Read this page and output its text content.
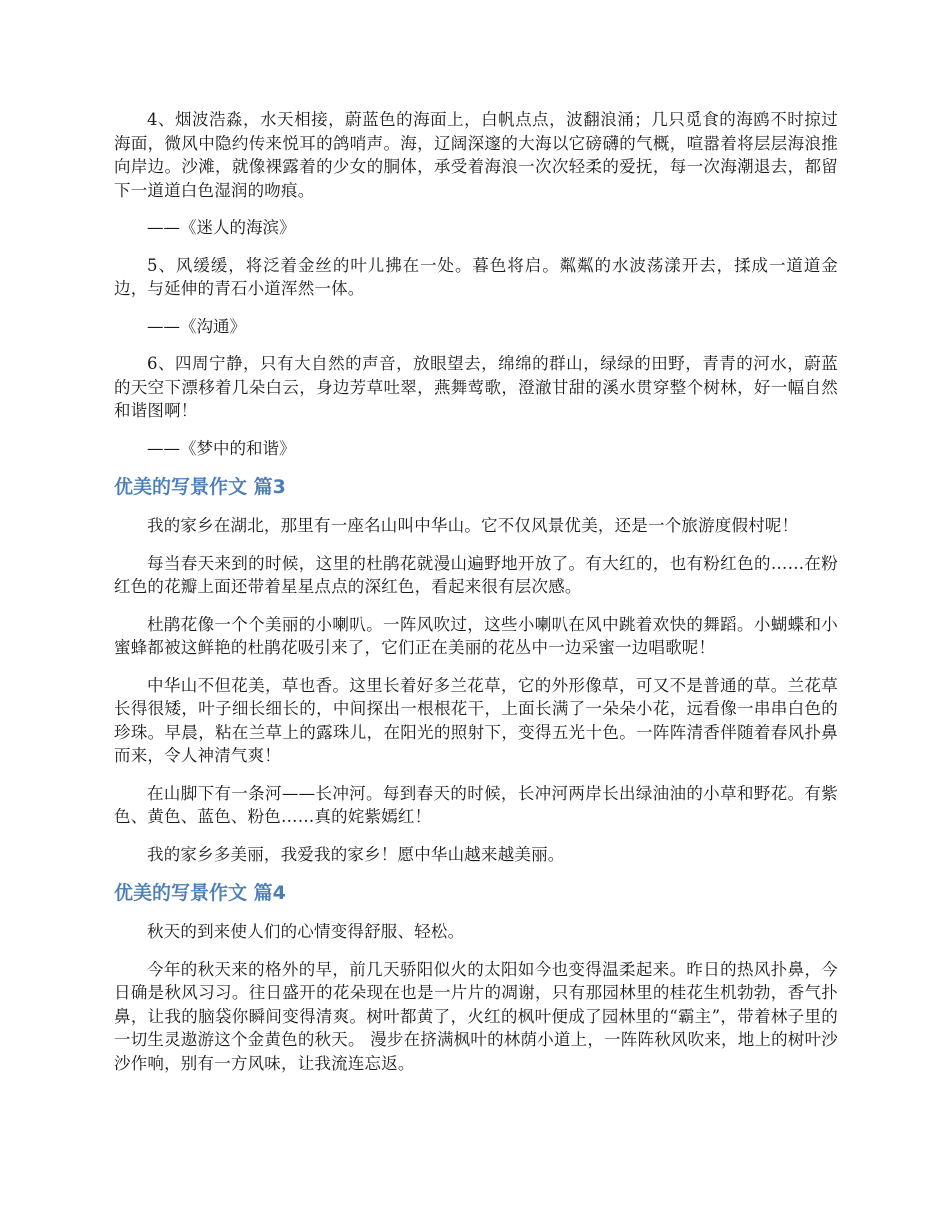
4、烟波浩淼，水天相接，蔚蓝色的海面上，白帆点点，波翻浪涌；几只觅食的海鸥不时掠过海面，微风中隐约传来悦耳的鸽哨声。海，辽阔深邃的大海以它磅礴的气概，喧嚣着将层层海浪推向岸边。沙滩，就像裸露着的少女的胴体，承受着海浪一次次轻柔的爱抚，每一次海潮退去，都留下一道道白色湿润的吻痕。

——《迷人的海滨》

5、风缓缓，将泛着金丝的叶儿拂在一处。暮色将启。粼粼的水波荡漾开去，揉成一道道金边，与延伸的青石小道浑然一体。

——《沟通》

6、四周宁静，只有大自然的声音，放眼望去，绵绵的群山，绿绿的田野，青青的河水，蔚蓝的天空下漂移着几朵白云，身边芳草吐翠，燕舞莺歌，澄澈甘甜的溪水贯穿整个树林，好一幅自然和谐图啊！

——《梦中的和谐》

优美的写景作文 篇3

我的家乡在湖北，那里有一座名山叫中华山。它不仅风景优美，还是一个旅游度假村呢！

每当春天来到的时候，这里的杜鹃花就漫山遍野地开放了。有大红的，也有粉红色的……在粉红色的花瓣上面还带着星星点点的深红色，看起来很有层次感。

杜鹃花像一个个美丽的小喇叭。一阵风吹过，这些小喇叭在风中跳着欢快的舞蹈。小蝴蝶和小蜜蜂都被这鲜艳的杜鹃花吸引来了，它们正在美丽的花丛中一边采蜜一边唱歌呢！

中华山不但花美，草也香。这里长着好多兰花草，它的外形像草，可又不是普通的草。兰花草长得很矮，叶子细长细长的，中间探出一根根花干，上面长满了一朵朵小花，远看像一串串白色的珍珠。早晨，粘在兰草上的露珠儿，在阳光的照射下，变得五光十色。一阵阵清香伴随着春风扑鼻而来，令人神清气爽！

在山脚下有一条河——长冲河。每到春天的时候，长冲河两岸长出绿油油的小草和野花。有紫色、黄色、蓝色、粉色……真的姹紫嫣红！

我的家乡多美丽，我爱我的家乡！愿中华山越来越美丽。

优美的写景作文 篇4

秋天的到来使人们的心情变得舒服、轻松。

今年的秋天来的格外的早，前几天骄阳似火的太阳如今也变得温柔起来。昨日的热风扑鼻，今日确是秋风习习。往日盛开的花朵现在也是一片片的凋谢，只有那园林里的桂花生机勃勃，香气扑鼻，让我的脑袋你瞬间变得清爽。树叶都黄了，火红的枫叶便成了园林里的“霸主”，带着林子里的一切生灵遨游这个金黄色的秋天。 漫步在挤满枫叶的林荫小道上，一阵阵秋风吹来，地上的树叶沙沙作响，别有一方风味，让我流连忘返。
